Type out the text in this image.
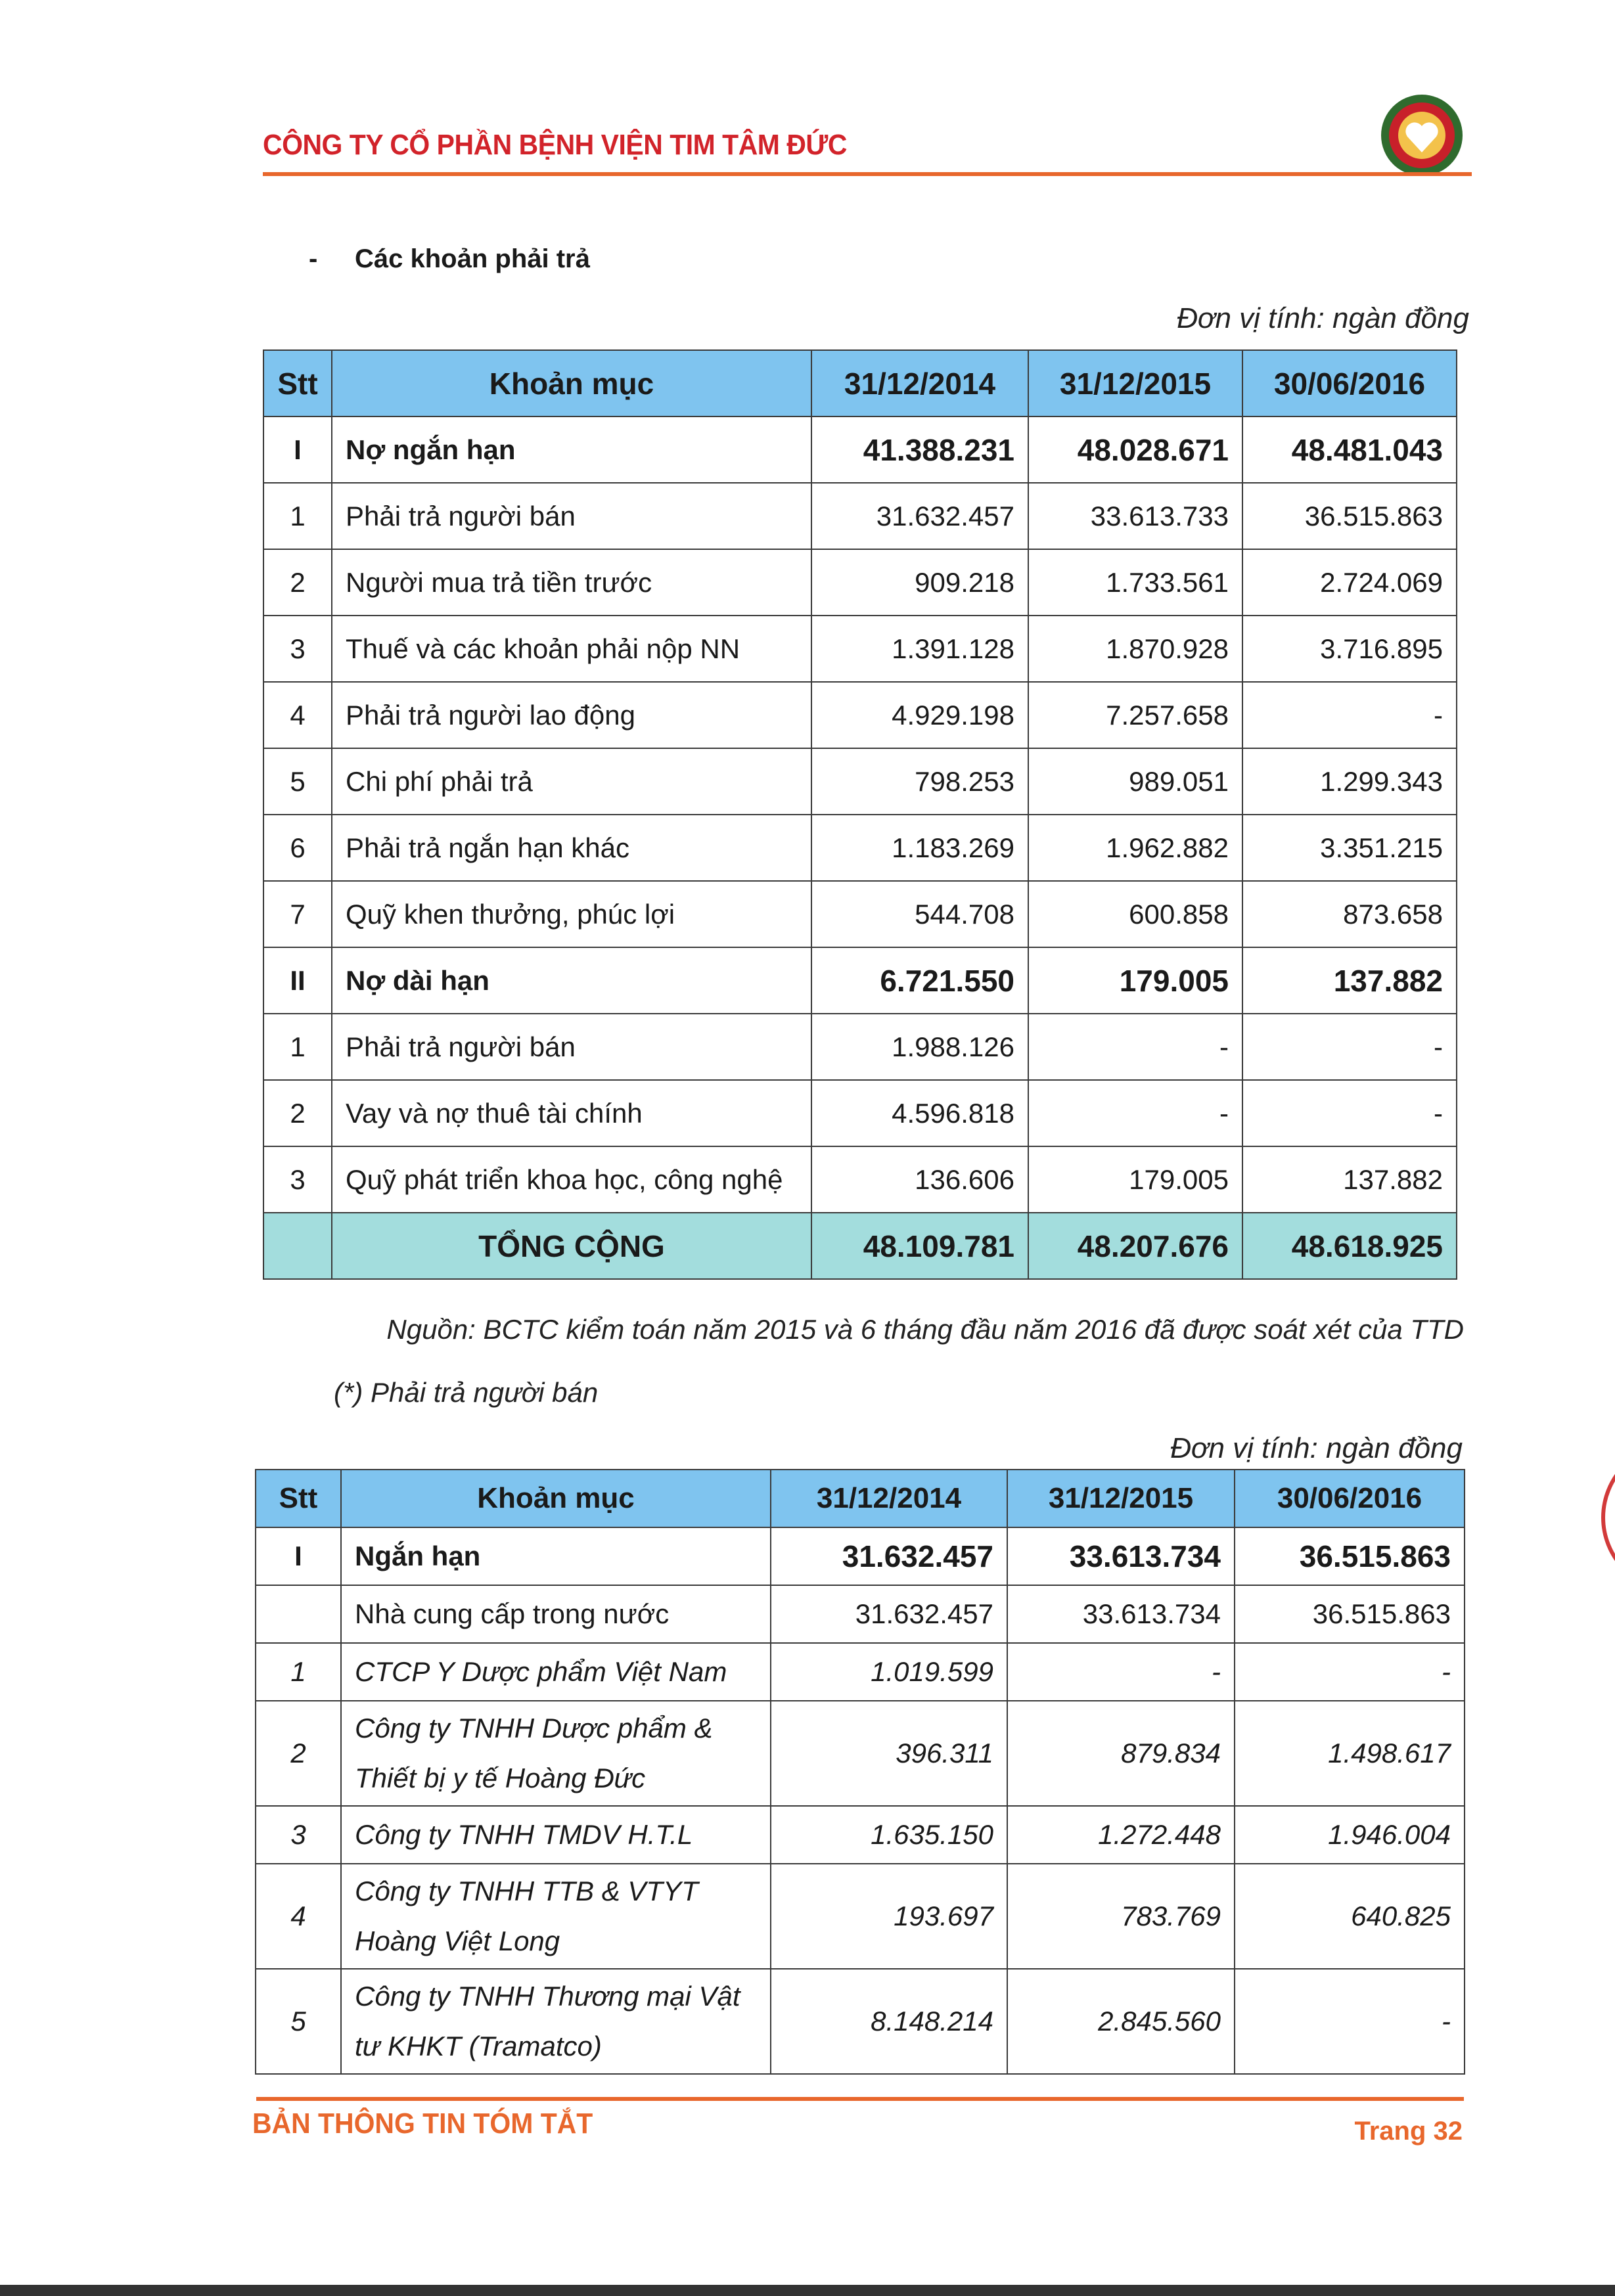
CÔNG TY CỔ PHẦN BỆNH VIỆN TIM TÂM ĐỨC
- Các khoản phải trả
Đơn vị tính: ngàn đồng
Stt	Khoản mục	31/12/2014	31/12/2015	30/06/2016
I	Nợ ngắn hạn	41.388.231	48.028.671	48.481.043
1	Phải trả người bán	31.632.457	33.613.733	36.515.863
2	Người mua trả tiền trước	909.218	1.733.561	2.724.069
3	Thuế và các khoản phải nộp NN	1.391.128	1.870.928	3.716.895
4	Phải trả người lao động	4.929.198	7.257.658	-
5	Chi phí phải trả	798.253	989.051	1.299.343
6	Phải trả ngắn hạn khác	1.183.269	1.962.882	3.351.215
7	Quỹ khen thưởng, phúc lợi	544.708	600.858	873.658
II	Nợ dài hạn	6.721.550	179.005	137.882
1	Phải trả người bán	1.988.126	-	-
2	Vay và nợ thuê tài chính	4.596.818	-	-
3	Quỹ phát triển khoa học, công nghệ	136.606	179.005	137.882
	TỔNG CỘNG	48.109.781	48.207.676	48.618.925
Nguồn: BCTC kiểm toán năm 2015 và 6 tháng đầu năm 2016 đã được soát xét của TTD
(*) Phải trả người bán
Đơn vị tính: ngàn đồng
Stt	Khoản mục	31/12/2014	31/12/2015	30/06/2016
I	Ngắn hạn	31.632.457	33.613.734	36.515.863
	Nhà cung cấp trong nước	31.632.457	33.613.734	36.515.863
1	CTCP Y Dược phẩm Việt Nam	1.019.599	-	-
2	Công ty TNHH Dược phẩm &
Thiết bị y tế Hoàng Đức	396.311	879.834	1.498.617
3	Công ty TNHH TMDV H.T.L	1.635.150	1.272.448	1.946.004
4	Công ty TNHH TTB & VTYT
Hoàng Việt Long	193.697	783.769	640.825
5	Công ty TNHH Thương mại Vật
tư KHKT (Tramatco)	8.148.214	2.845.560	-
BẢN THÔNG TIN TÓM TẮT	Trang 32
